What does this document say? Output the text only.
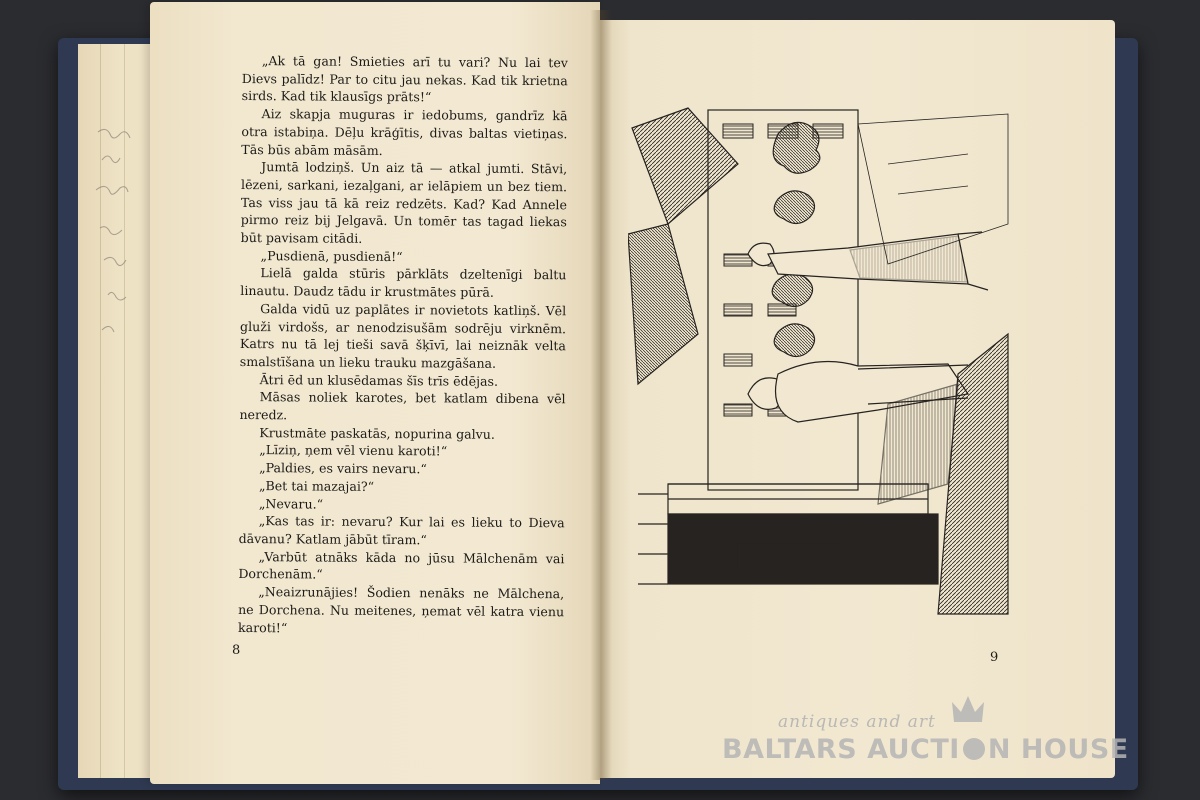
„Ak tā gan! Smieties arī tu vari? Nu lai tev Dievs palīdz! Par to citu jau nekas. Kad tik krietna sirds. Kad tik klausīgs prāts!“

Aiz skapja muguras ir iedobums, gandrīz kā otra istabiņa. Dēļu krāģītis, divas baltas vietiņas. Tās būs abām māsām.

Jumtā lodziņš. Un aiz tā — atkal jumti. Stāvi, lēzeni, sarkani, iezaļgani, ar ielāpiem un bez tiem. Tas viss jau tā kā reiz redzēts. Kad? Kad Annele pirmo reiz bij Jelgavā. Un tomēr tas tagad liekas būt pavisam citādi.

„Pusdienā, pusdienā!“

Lielā galda stūris pārklāts dzeltenīgi baltu linautu. Daudz tādu ir krustmātes pūrā.

Galda vidū uz paplātes ir novietots katliņš. Vēl gluži virdošs, ar nenodzisušām sodrēju virknēm. Katrs nu tā lej tieši savā šķīvī, lai neiznāk velta smalstīšana un lieku trauku mazgāšana.

Ātri ēd un klusēdamas šīs trīs ēdējas.

Māsas noliek karotes, bet katlam dibena vēl neredz.

Krustmāte paskatās, nopurina galvu.

„Līziņ, ņem vēl vienu karoti!“

„Paldies, es vairs nevaru.“

„Bet tai mazajai?“

„Nevaru.“

„Kas tas ir: nevaru? Kur lai es lieku to Dieva dāvanu? Katlam jābūt tīram.“

„Varbūt atnāks kāda no jūsu Mālchenām vai Dorchenām.“

„Neaizrunājies! Šodien nenāks ne Mālchena, ne Dorchena. Nu meitenes, ņemat vēl katra vienu karoti!“

8	9
antiques and art
BALTARS AUCTI N HOUSE
